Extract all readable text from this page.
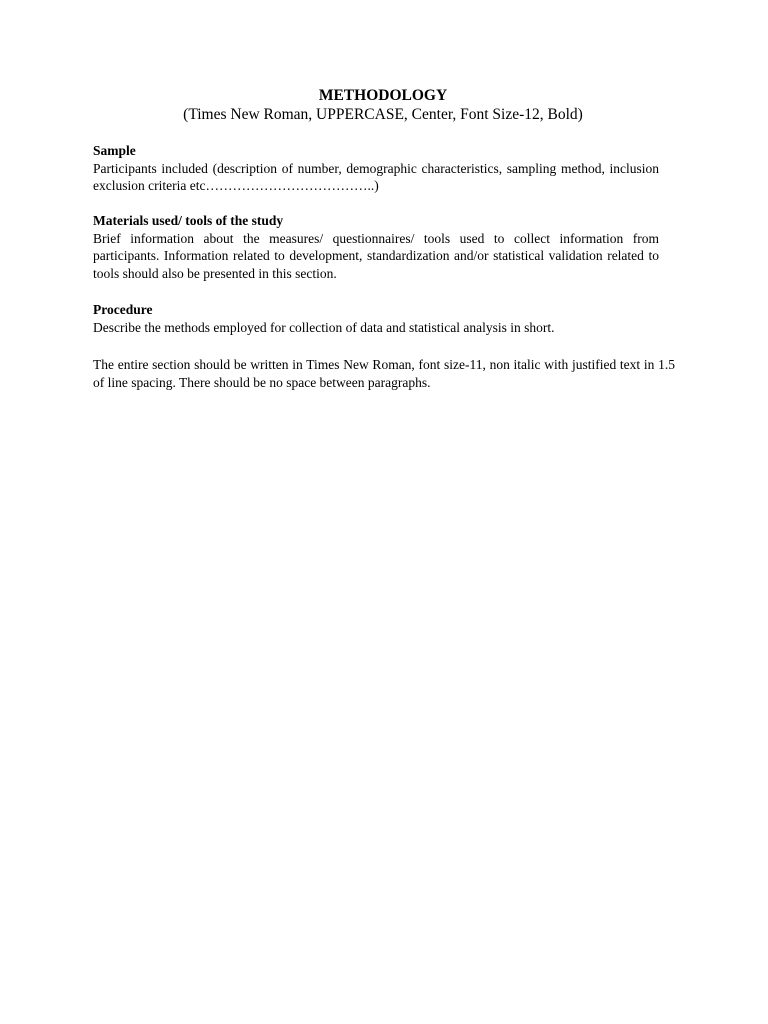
METHODOLOGY

(Times New Roman, UPPERCASE, Center, Font Size-12, Bold)

Sample

Participants included (description of number, demographic characteristics, sampling method, inclusion exclusion criteria etc………………………………..)

Materials used/ tools of the study

Brief information about the measures/ questionnaires/ tools used to collect information from participants. Information related to development, standardization and/or statistical validation related to tools should also be presented in this section.

Procedure

Describe the methods employed for collection of data and statistical analysis in short.

The entire section should be written in Times New Roman, font size-11, non italic with justified text in 1.5 of line spacing. There should be no space between paragraphs.
